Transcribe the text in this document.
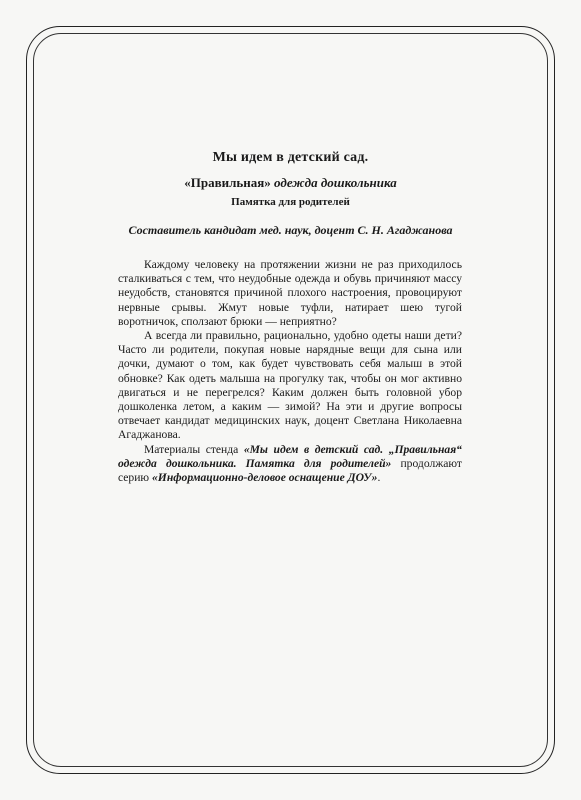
Мы идем в детский сад.
«Правильная» одежда дошкольника
Памятка для родителей
Составитель кандидат мед. наук, доцент С. Н. Агаджанова

Каждому человеку на протяжении жизни не раз приходилось сталкиваться с тем, что неудобные одежда и обувь причиняют массу неудобств, становятся причиной плохого настроения, провоцируют нервные срывы. Жмут новые туфли, натирает шею тугой воротничок, сползают брюки — неприятно?

А всегда ли правильно, рационально, удобно одеты наши дети? Часто ли родители, покупая новые нарядные вещи для сына или дочки, думают о том, как будет чувствовать себя малыш в этой обновке? Как одеть малыша на прогулку так, чтобы он мог активно двигаться и не перегрелся? Каким должен быть головной убор дошколенка летом, а каким — зимой? На эти и другие вопросы отвечает кандидат медицинских наук, доцент Светлана Николаевна Агаджанова.

Материалы стенда «Мы идем в детский сад. „Правильная“ одежда дошкольника. Памятка для родителей» продолжают серию «Информационно-деловое оснащение ДОУ».
